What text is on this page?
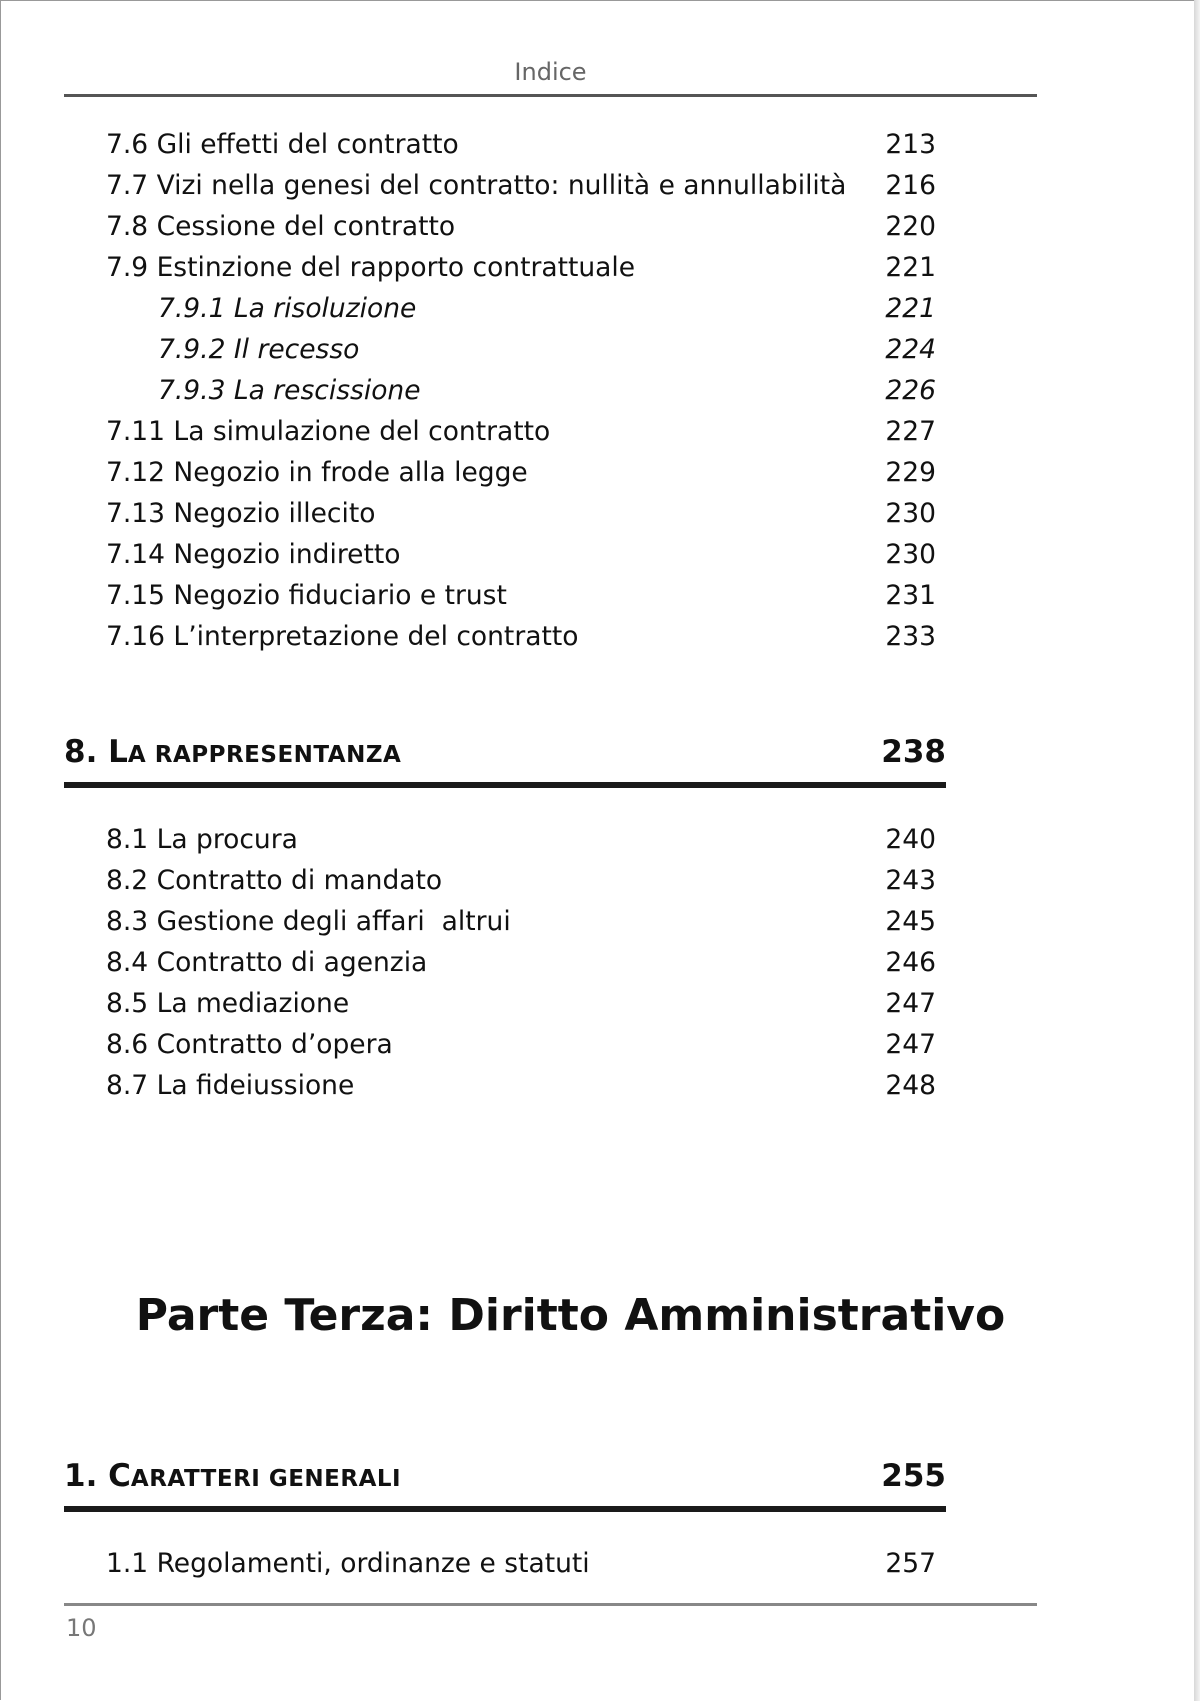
Indice
7.6 Gli effetti del contratto	213
7.7 Vizi nella genesi del contratto: nullità e annullabilità 216
7.8 Cessione del contratto	220
7.9 Estinzione del rapporto contrattuale	221
7.9.1 La risoluzione	221
7.9.2 Il recesso	224
7.9.3 La rescissione	226
7.11 La simulazione del contratto	227
7.12 Negozio in frode alla legge	229
7.13 Negozio illecito	230
7.14 Negozio indiretto	230
7.15 Negozio fiduciario e trust	231
7.16 L’interpretazione del contratto	233
8. LA RAPPRESENTANZA	238
8.1 La procura	240
8.2 Contratto di mandato	243
8.3 Gestione degli affari  altrui	245
8.4 Contratto di agenzia	246
8.5 La mediazione	247
8.6 Contratto d’opera	247
8.7 La fideiussione	248
Parte Terza: Diritto Amministrativo
1. CARATTERI GENERALI	255
1.1 Regolamenti, ordinanze e statuti	257
10
